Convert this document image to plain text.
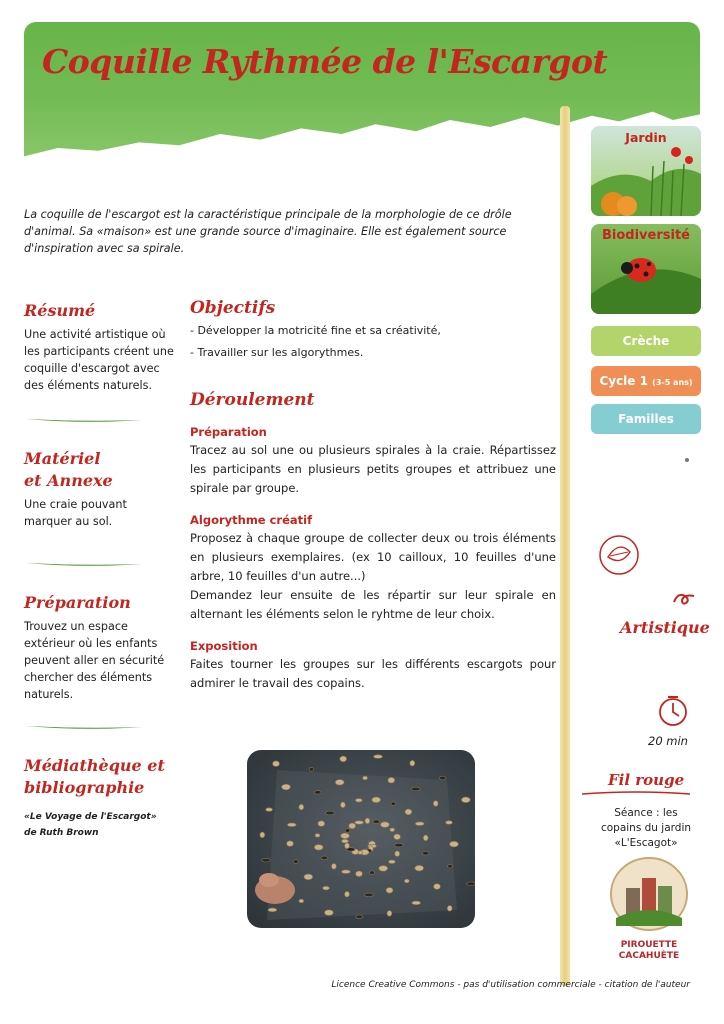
Coquille Rythmée de l'Escargot

La coquille de l'escargot est la caractéristique principale de la morphologie de ce drôle d'animal. Sa «maison» est une grande source d'imaginaire. Elle est également source d'inspiration avec sa spirale.

Résumé
Une activité artistique où les participants créent une coquille d'escargot avec des éléments naturels.
Matériel
et Annexe
Une craie pouvant marquer au sol.
Préparation
Trouvez un espace extérieur où les enfants peuvent aller en sécurité chercher des éléments naturels.
Médiathèque et
bibliographie
«Le Voyage de l'Escargot»
de Ruth Brown
Objectifs
- Développer la motricité fine et sa créativité,
- Travailler sur les algorythmes.
Déroulement
Préparation
Tracez au sol une ou plusieurs spirales à la craie. Répartissez les participants en plusieurs petits groupes et attribuez une spirale par groupe.
Algorythme créatif
Proposez à chaque groupe de collecter deux ou trois éléments en plusieurs exemplaires. (ex 10 cailloux, 10 feuilles d'une arbre, 10 feuilles d'un autre...)
Demandez leur ensuite de les répartir sur leur spirale en alternant les éléments selon le ryhtme de leur choix.
Exposition
Faites tourner les groupes sur les différents escargots pour admirer le travail des copains.
Jardin
Biodiversité
Crèche
Cycle 1 (3-5 ans)
Familles
Artistique
20 min
Fil rouge
Séance : les
copains du jardin
«L'Escagot»
PIROUETTE
CACAHUÈTE
Licence Creative Commons - pas d'utilisation commerciale - citation de l'auteur
